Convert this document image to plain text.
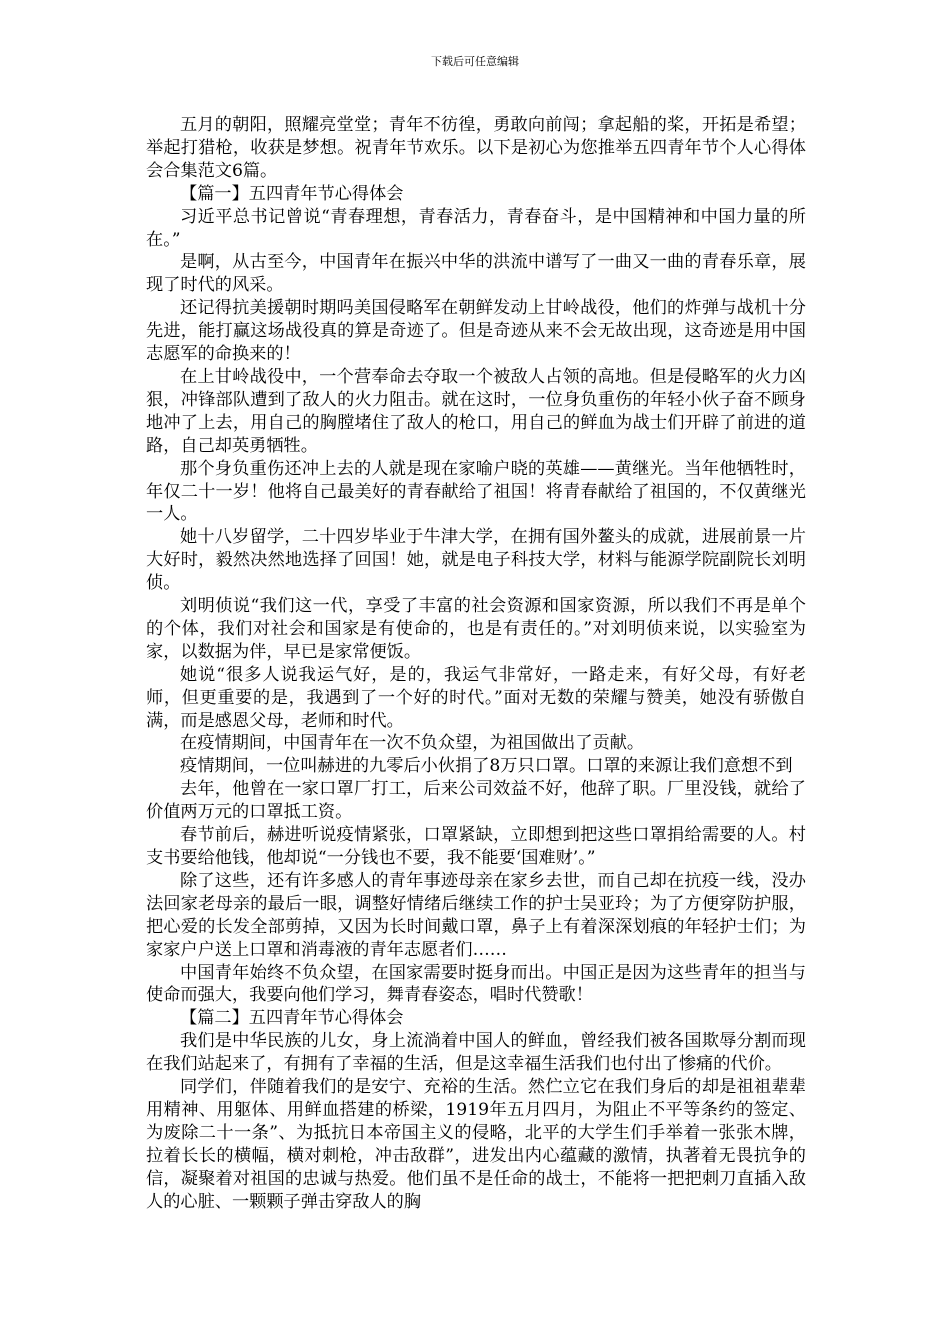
下载后可任意编辑

五月的朝阳，照耀亮堂堂；青年不彷徨，勇敢向前闯；拿起船的桨，开拓是希望；举起打猎枪，收获是梦想。祝青年节欢乐。以下是初心为您推举五四青年节个人心得体会合集范文6篇。

【篇一】五四青年节心得体会

习近平总书记曾说“青春理想，青春活力，青春奋斗，是中国精神和中国力量的所在。”

是啊，从古至今，中国青年在振兴中华的洪流中谱写了一曲又一曲的青春乐章，展现了时代的风采。

还记得抗美援朝时期吗美国侵略军在朝鲜发动上甘岭战役，他们的炸弹与战机十分先进，能打赢这场战役真的算是奇迹了。但是奇迹从来不会无故出现，这奇迹是用中国志愿军的命换来的！

在上甘岭战役中，一个营奉命去夺取一个被敌人占领的高地。但是侵略军的火力凶狠，冲锋部队遭到了敌人的火力阻击。就在这时，一位身负重伤的年轻小伙子奋不顾身地冲了上去，用自己的胸膛堵住了敌人的枪口，用自己的鲜血为战士们开辟了前进的道路，自己却英勇牺牲。

那个身负重伤还冲上去的人就是现在家喻户晓的英雄——黄继光。当年他牺牲时，年仅二十一岁！他将自己最美好的青春献给了祖国！将青春献给了祖国的，不仅黄继光一人。

她十八岁留学，二十四岁毕业于牛津大学，在拥有国外鳌头的成就，进展前景一片大好时，毅然决然地选择了回国！她，就是电子科技大学，材料与能源学院副院长刘明侦。

刘明侦说“我们这一代，享受了丰富的社会资源和国家资源，所以我们不再是单个的个体，我们对社会和国家是有使命的，也是有责任的。”对刘明侦来说，以实验室为家，以数据为伴，早已是家常便饭。

她说“很多人说我运气好，是的，我运气非常好，一路走来，有好父母，有好老师，但更重要的是，我遇到了一个好的时代。”面对无数的荣耀与赞美，她没有骄傲自满，而是感恩父母，老师和时代。

在疫情期间，中国青年在一次不负众望，为祖国做出了贡献。

疫情期间，一位叫赫进的九零后小伙捐了8万只口罩。口罩的来源让我们意想不到

去年，他曾在一家口罩厂打工，后来公司效益不好，他辞了职。厂里没钱，就给了价值两万元的口罩抵工资。

春节前后，赫进听说疫情紧张，口罩紧缺，立即想到把这些口罩捐给需要的人。村支书要给他钱，他却说“一分钱也不要，我不能要‘国难财’。”

除了这些，还有许多感人的青年事迹母亲在家乡去世，而自己却在抗疫一线，没办法回家老母亲的最后一眼，调整好情绪后继续工作的护士吴亚玲；为了方便穿防护服，把心爱的长发全部剪掉，又因为长时间戴口罩，鼻子上有着深深划痕的年轻护士们；为家家户户送上口罩和消毒液的青年志愿者们……

中国青年始终不负众望，在国家需要时挺身而出。中国正是因为这些青年的担当与使命而强大，我要向他们学习，舞青春姿态，唱时代赞歌！

【篇二】五四青年节心得体会

我们是中华民族的儿女，身上流淌着中国人的鲜血，曾经我们被各国欺辱分割而现在我们站起来了，有拥有了幸福的生活，但是这幸福生活我们也付出了惨痛的代价。

同学们，伴随着我们的是安宁、充裕的生活。然伫立它在我们身后的却是祖祖辈辈用精神、用躯体、用鲜血搭建的桥梁，1919年五月四月，为阻止不平等条约的签定、为废除二十一条”、为抵抗日本帝国主义的侵略，北平的大学生们手举着一张张木牌，拉着长长的横幅，横对刺枪，冲击敌群”，进发出内心蕴藏的激情，执著着无畏抗争的信，凝聚着对祖国的忠诚与热爱。他们虽不是任命的战士，不能将一把把刺刀直插入敌人的心脏、一颗颗子弹击穿敌人的胸
